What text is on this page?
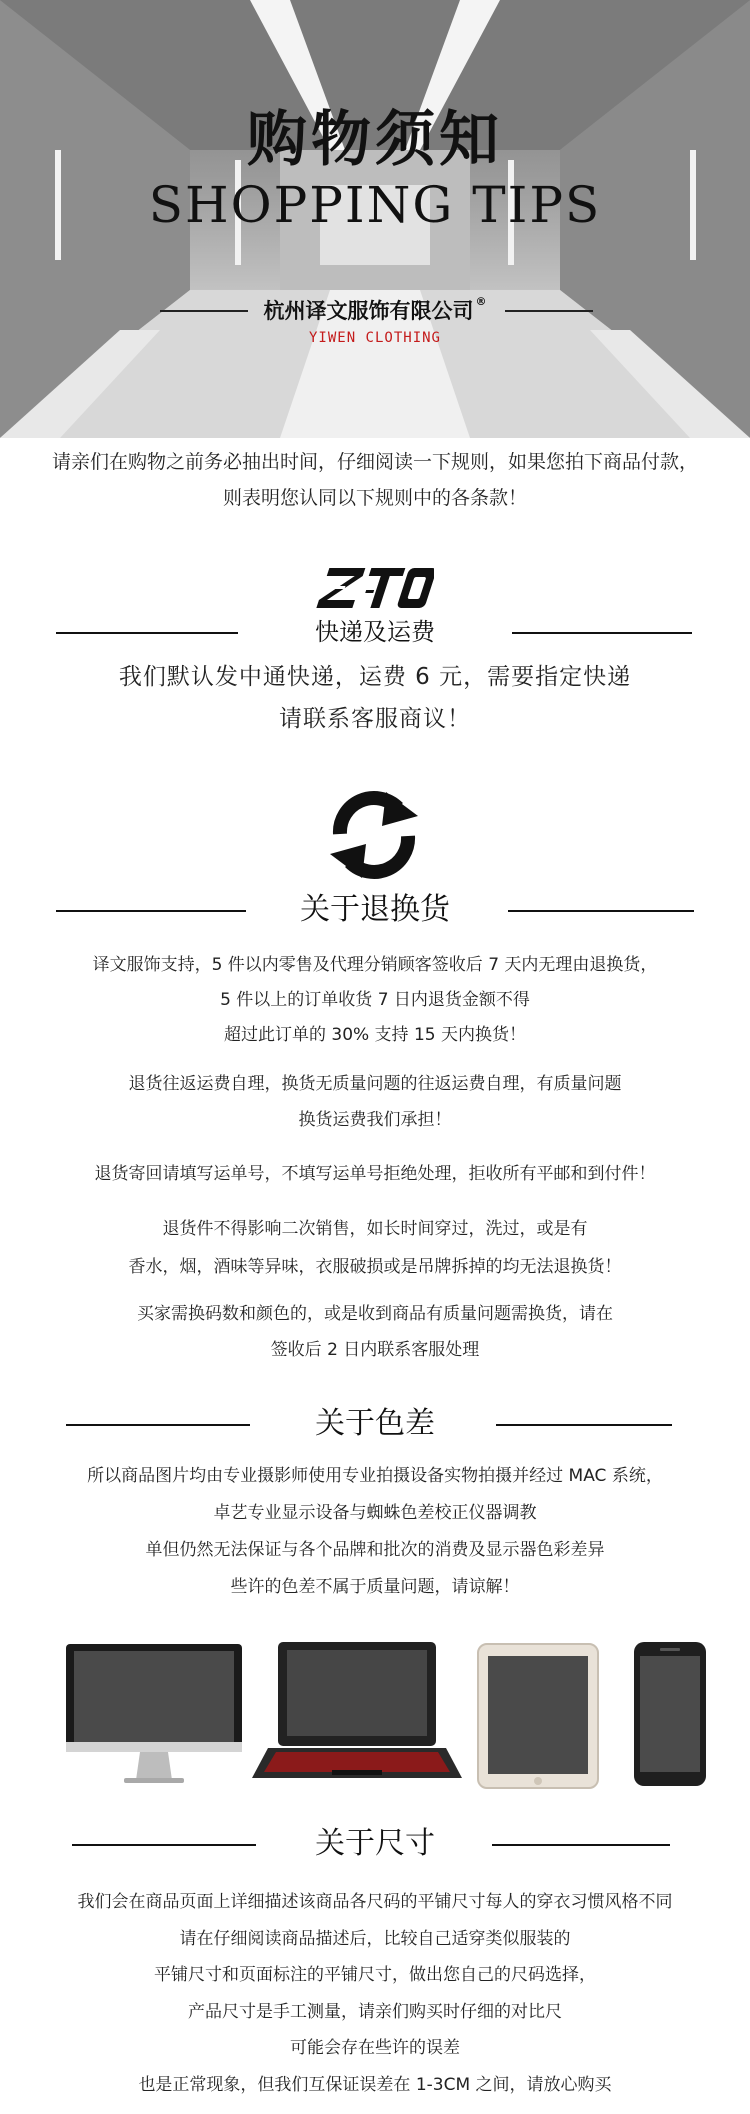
购物须知
SHOPPING TIPS
杭州译文服饰有限公司 ®
YIWEN CLOTHING
请亲们在购物之前务必抽出时间，仔细阅读一下规则，如果您拍下商品付款，
则表明您认同以下规则中的各条款！
快递及运费
我们默认发中通快递，运费 6 元，需要指定快递
请联系客服商议！
关于退换货
译文服饰支持，5 件以内零售及代理分销顾客签收后 7 天内无理由退换货，
5 件以上的订单收货 7 日内退货金额不得
超过此订单的 30% 支持 15 天内换货！
退货往返运费自理，换货无质量问题的往返运费自理，有质量问题
换货运费我们承担！
退货寄回请填写运单号，不填写运单号拒绝处理，拒收所有平邮和到付件！
退货件不得影响二次销售，如长时间穿过，洗过，或是有
香水，烟，酒味等异味，衣服破损或是吊牌拆掉的均无法退换货！
买家需换码数和颜色的，或是收到商品有质量问题需换货，请在
签收后 2 日内联系客服处理
关于色差
所以商品图片均由专业摄影师使用专业拍摄设备实物拍摄并经过 MAC 系统，
卓艺专业显示设备与蜘蛛色差校正仪器调教
单但仍然无法保证与各个品牌和批次的消费及显示器色彩差异
些许的色差不属于质量问题，请谅解！
关于尺寸
我们会在商品页面上详细描述该商品各尺码的平铺尺寸每人的穿衣习惯风格不同
请在仔细阅读商品描述后，比较自己适穿类似服装的
平铺尺寸和页面标注的平铺尺寸，做出您自己的尺码选择，
产品尺寸是手工测量，请亲们购买时仔细的对比尺
可能会存在些许的误差
也是正常现象，但我们互保证误差在 1-3CM 之间，请放心购买
